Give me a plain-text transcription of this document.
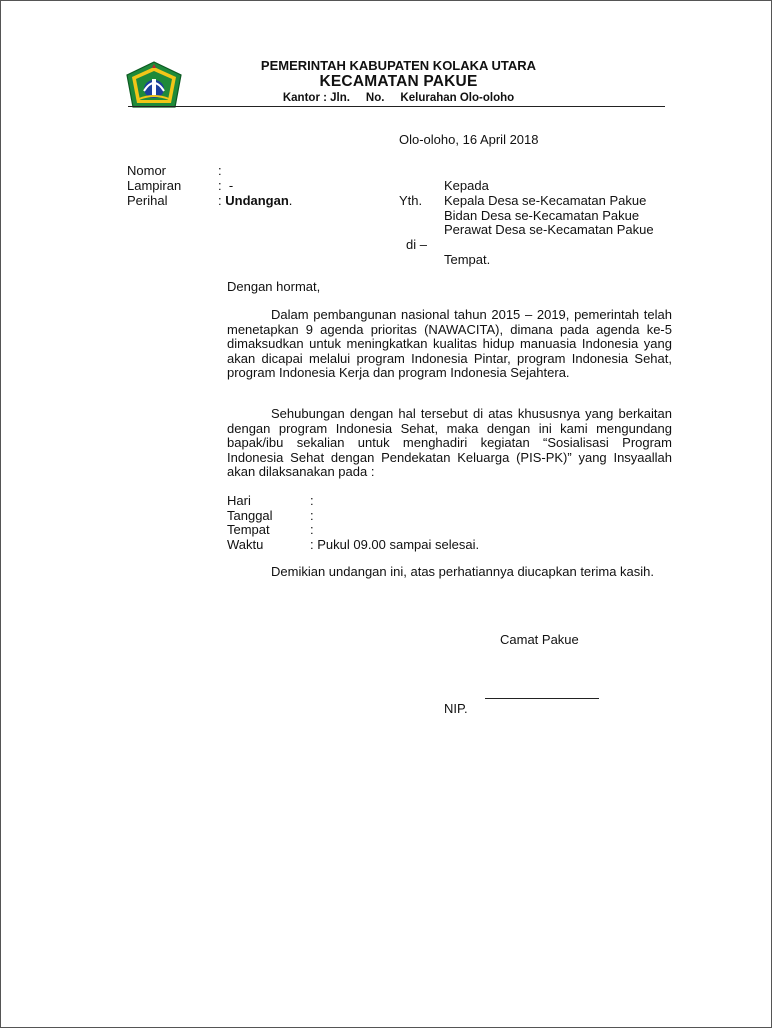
PEMERINTAH KABUPATEN KOLAKA UTARA
KECAMATAN PAKUE
Kantor : Jln.     No.     Kelurahan Olo-oloho
Olo-oloho, 16 April 2018
Nomor	:
Lampiran	:  -
Perihal	: Undangan.
Kepada
Yth. Kepala Desa se-Kecamatan Pakue
Bidan Desa se-Kecamatan Pakue
Perawat Desa se-Kecamatan Pakue
di –
Tempat.
Dengan hormat,
Dalam pembangunan nasional tahun 2015 – 2019, pemerintah telah menetapkan 9 agenda prioritas (NAWACITA), dimana pada agenda ke-5 dimaksudkan untuk meningkatkan kualitas hidup manuasia Indonesia yang akan dicapai melalui program Indonesia Pintar, program Indonesia Sehat, program Indonesia Kerja dan program Indonesia Sejahtera.
Sehubungan dengan hal tersebut di atas khususnya yang berkaitan dengan program Indonesia Sehat, maka dengan ini kami mengundang bapak/ibu sekalian untuk menghadiri kegiatan “Sosialisasi Program Indonesia Sehat dengan Pendekatan Keluarga (PIS-PK)” yang Insyaallah akan dilaksanakan pada :
Hari	:
Tanggal	:
Tempat	:
Waktu	: Pukul 09.00 sampai selesai.
Demikian undangan ini, atas perhatiannya diucapkan terima kasih.
Camat Pakue
NIP.
